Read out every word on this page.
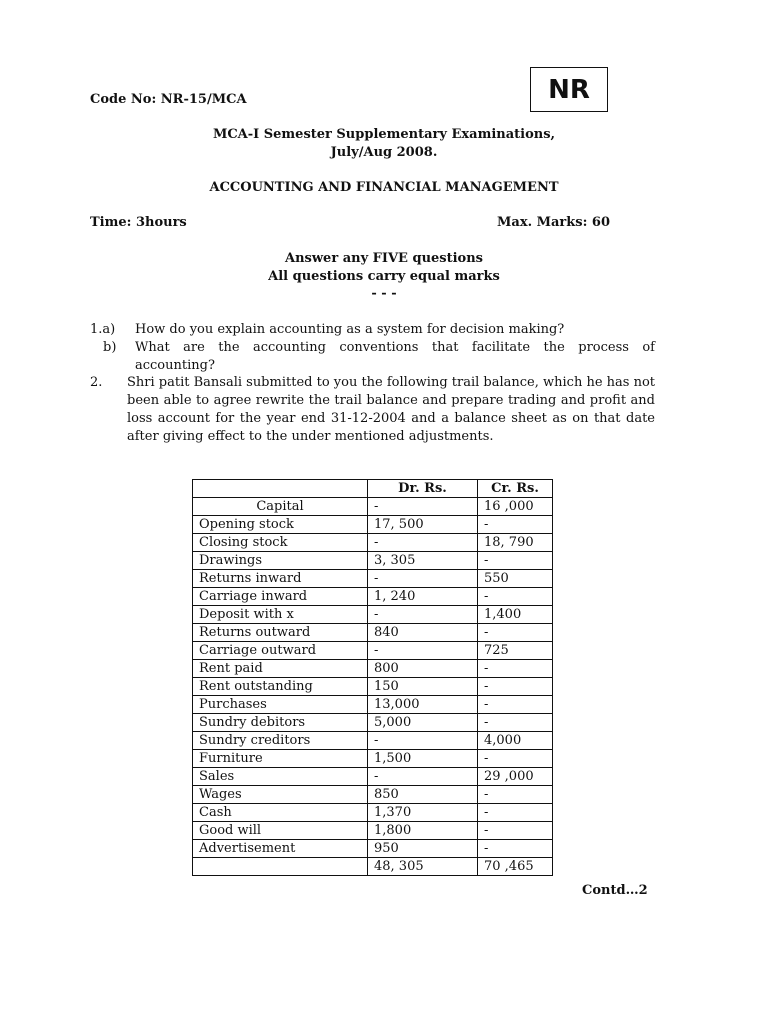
Code No: NR-15/MCA	NR
MCA-I Semester Supplementary Examinations,
July/Aug 2008.
ACCOUNTING AND FINANCIAL MANAGEMENT
Time: 3hours	Max. Marks: 60
Answer any FIVE questions
All questions carry equal marks
- - -
1.a) How do you explain accounting as a system for decision making?
b) What are the accounting conventions that facilitate the process of accounting?
2. Shri patit Bansali submitted to you the following trail balance, which he has not been able to agree rewrite the trail balance and prepare trading and profit and loss account for the year end 31-12-2004 and a balance sheet as on that date after giving effect to the under mentioned adjustments.
	Dr. Rs.	Cr. Rs.
Capital	-	16 ,000
Opening stock	17, 500	-
Closing stock	-	18, 790
Drawings	3, 305	-
Returns inward	-	550
Carriage inward	1, 240	-
Deposit with x	-	1,400
Returns outward	840	-
Carriage outward	-	725
Rent paid	800	-
Rent outstanding	150	-
Purchases	13,000	-
Sundry debitors	5,000	-
Sundry creditors	-	4,000
Furniture	1,500	-
Sales	-	29 ,000
Wages	850	-
Cash	1,370	-
Good will	1,800	-
Advertisement	950	-
	48, 305	70 ,465
Contd…2
